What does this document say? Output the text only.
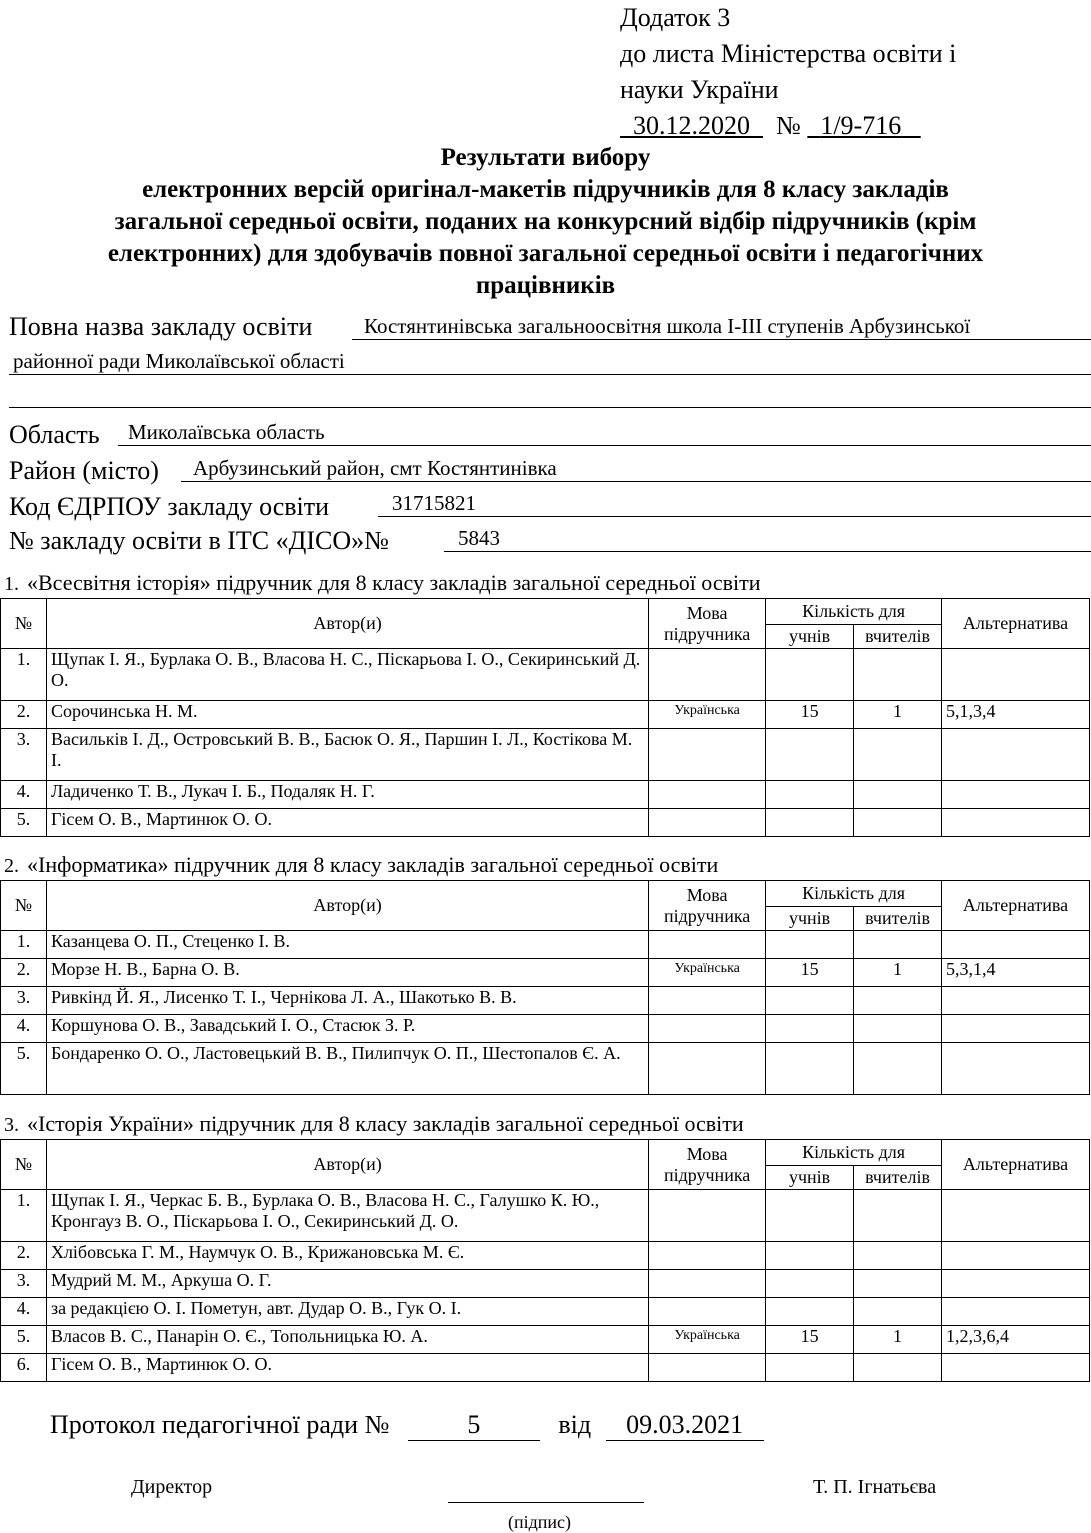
Додаток 3
до листа Міністерства освіти і
науки України
30.12.2020 № 1/9-716
Результати вибору
електронних версій оригінал-макетів підручників для 8 класу закладів
загальної середньої освіти, поданих на конкурсний відбір підручників (крім
електронних) для здобувачів повної загальної середньої освіти і педагогічних
працівників
Повна назва закладу освіти	Костянтинівська загальноосвітня школа І-ІІІ ступенів Арбузинської
районної ради Миколаївської області
Область	Миколаївська область
Район (місто)	Арбузинський район, смт Костянтинівка
Код ЄДРПОУ закладу освіти	31715821
№ закладу освіти в ІТС «ДІСО»№	5843
1. «Всесвітня історія» підручник для 8 класу закладів загальної середньої освіти
№	Автор(и)	Мова
підручника	Кількість для		Альтернатива
			учнів	вчителів	
1.	Щупак І. Я., Бурлака О. В., Власова Н. С., Піскарьова І. О., Секиринський Д. О.				
2.	Сорочинська Н. М.	Українська	15	1	5,1,3,4
3.	Васильків І. Д., Островський В. В., Басюк О. Я., Паршин І. Л., Костікова М. І.				
4.	Ладиченко Т. В., Лукач І. Б., Подаляк Н. Г.				
5.	Гісем О. В., Мартинюк О. О.				
2. «Інформатика» підручник для 8 класу закладів загальної середньої освіти
№	Автор(и)	Мова
підручника	Кількість для		Альтернатива
			учнів	вчителів	
1.	Казанцева О. П., Стеценко І. В.				
2.	Морзе Н. В., Барна О. В.	Українська	15	1	5,3,1,4
3.	Ривкінд Й. Я., Лисенко Т. І., Чернікова Л. А., Шакотько В. В.				
4.	Коршунова О. В., Завадський І. О., Стасюк З. Р.				
5.	Бондаренко О. О., Ластовецький В. В., Пилипчук О. П., Шестопалов Є. А.				
3. «Історія України» підручник для 8 класу закладів загальної середньої освіти
№	Автор(и)	Мова
підручника	Кількість для		Альтернатива
			учнів	вчителів	
1.	Щупак І. Я., Черкас Б. В., Бурлака О. В., Власова Н. С., Галушко К. Ю., Кронгауз В. О., Піскарьова І. О., Секиринський Д. О.				
2.	Хлібовська Г. М., Наумчук О. В., Крижановська М. Є.				
3.	Мудрий М. М., Аркуша О. Г.				
4.	за редакцією О. І. Пометун, авт. Дудар О. В., Гук О. І.				
5.	Власов В. С., Панарін О. Є., Топольницька Ю. А.	Українська	15	1	1,2,3,6,4
6.	Гісем О. В., Мартинюк О. О.				
Протокол педагогічної ради №	5	від 09.03.2021
Директор
(підпис)
Т. П. Ігнатьєва
